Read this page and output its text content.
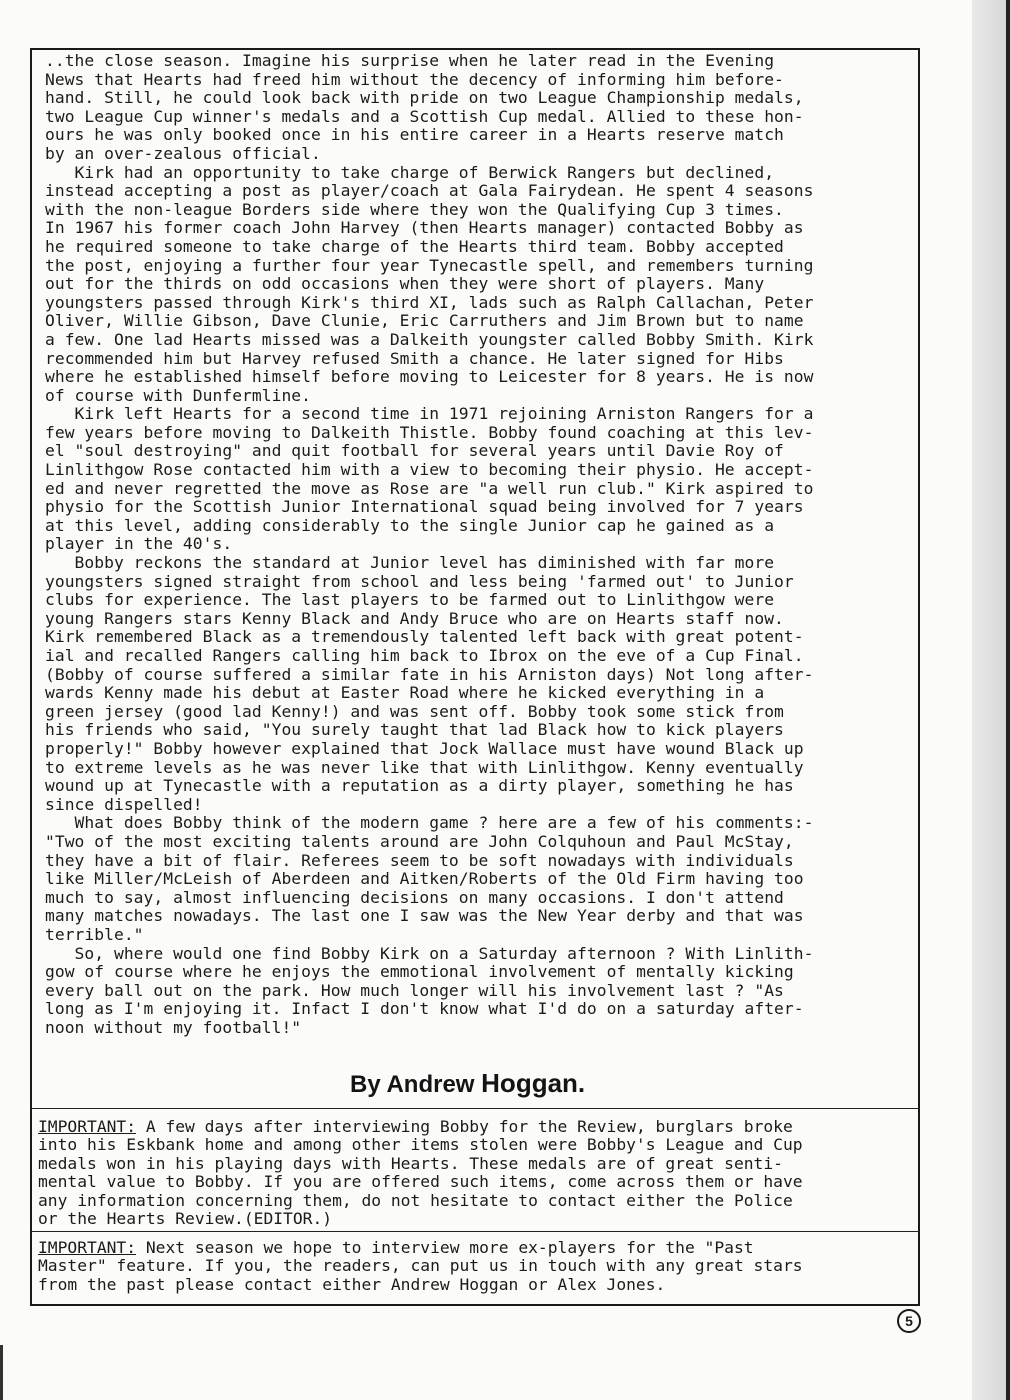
..the close season. Imagine his surprise when he later read in the Evening
News that Hearts had freed him without the decency of informing him before-
hand. Still, he could look back with pride on two League Championship medals,
two League Cup winner's medals and a Scottish Cup medal. Allied to these hon-
ours he was only booked once in his entire career in a Hearts reserve match
by an over-zealous official.

Kirk had an opportunity to take charge of Berwick Rangers but declined,
instead accepting a post as player/coach at Gala Fairydean. He spent 4 seasons
with the non-league Borders side where they won the Qualifying Cup 3 times.
In 1967 his former coach John Harvey (then Hearts manager) contacted Bobby as
he required someone to take charge of the Hearts third team. Bobby accepted
the post, enjoying a further four year Tynecastle spell, and remembers turning
out for the thirds on odd occasions when they were short of players. Many
youngsters passed through Kirk's third XI, lads such as Ralph Callachan, Peter
Oliver, Willie Gibson, Dave Clunie, Eric Carruthers and Jim Brown but to name
a few. One lad Hearts missed was a Dalkeith youngster called Bobby Smith. Kirk
recommended him but Harvey refused Smith a chance. He later signed for Hibs
where he established himself before moving to Leicester for 8 years. He is now
of course with Dunfermline.

Kirk left Hearts for a second time in 1971 rejoining Arniston Rangers for a
few years before moving to Dalkeith Thistle. Bobby found coaching at this lev-
el "soul destroying" and quit football for several years until Davie Roy of
Linlithgow Rose contacted him with a view to becoming their physio. He accept-
ed and never regretted the move as Rose are "a well run club." Kirk aspired to
physio for the Scottish Junior International squad being involved for 7 years
at this level, adding considerably to the single Junior cap he gained as a
player in the 40's.

Bobby reckons the standard at Junior level has diminished with far more
youngsters signed straight from school and less being 'farmed out' to Junior
clubs for experience. The last players to be farmed out to Linlithgow were
young Rangers stars Kenny Black and Andy Bruce who are on Hearts staff now.
Kirk remembered Black as a tremendously talented left back with great potent-
ial and recalled Rangers calling him back to Ibrox on the eve of a Cup Final.
(Bobby of course suffered a similar fate in his Arniston days) Not long after-
wards Kenny made his debut at Easter Road where he kicked everything in a
green jersey (good lad Kenny!) and was sent off. Bobby took some stick from
his friends who said, "You surely taught that lad Black how to kick players
properly!" Bobby however explained that Jock Wallace must have wound Black up
to extreme levels as he was never like that with Linlithgow. Kenny eventually
wound up at Tynecastle with a reputation as a dirty player, something he has
since dispelled!

What does Bobby think of the modern game ? here are a few of his comments:-
"Two of the most exciting talents around are John Colquhoun and Paul McStay,
they have a bit of flair. Referees seem to be soft nowadays with individuals
like Miller/McLeish of Aberdeen and Aitken/Roberts of the Old Firm having too
much to say, almost influencing decisions on many occasions. I don't attend
many matches nowadays. The last one I saw was the New Year derby and that was
terrible."

So, where would one find Bobby Kirk on a Saturday afternoon ? With Linlith-
gow of course where he enjoys the emmotional involvement of mentally kicking
every ball out on the park. How much longer will his involvement last ? "As
long as I'm enjoying it. Infact I don't know what I'd do on a saturday after-
noon without my football!"

By Andrew Hoggan.
IMPORTANT: A few days after interviewing Bobby for the Review, burglars broke
into his Eskbank home and among other items stolen were Bobby's League and Cup
medals won in his playing days with Hearts. These medals are of great senti-
mental value to Bobby. If you are offered such items, come across them or have
any information concerning them, do not hesitate to contact either the Police
or the Hearts Review.(EDITOR.)
IMPORTANT: Next season we hope to interview more ex-players for the "Past
Master" feature. If you, the readers, can put us in touch with any great stars
from the past please contact either Andrew Hoggan or Alex Jones.
5
